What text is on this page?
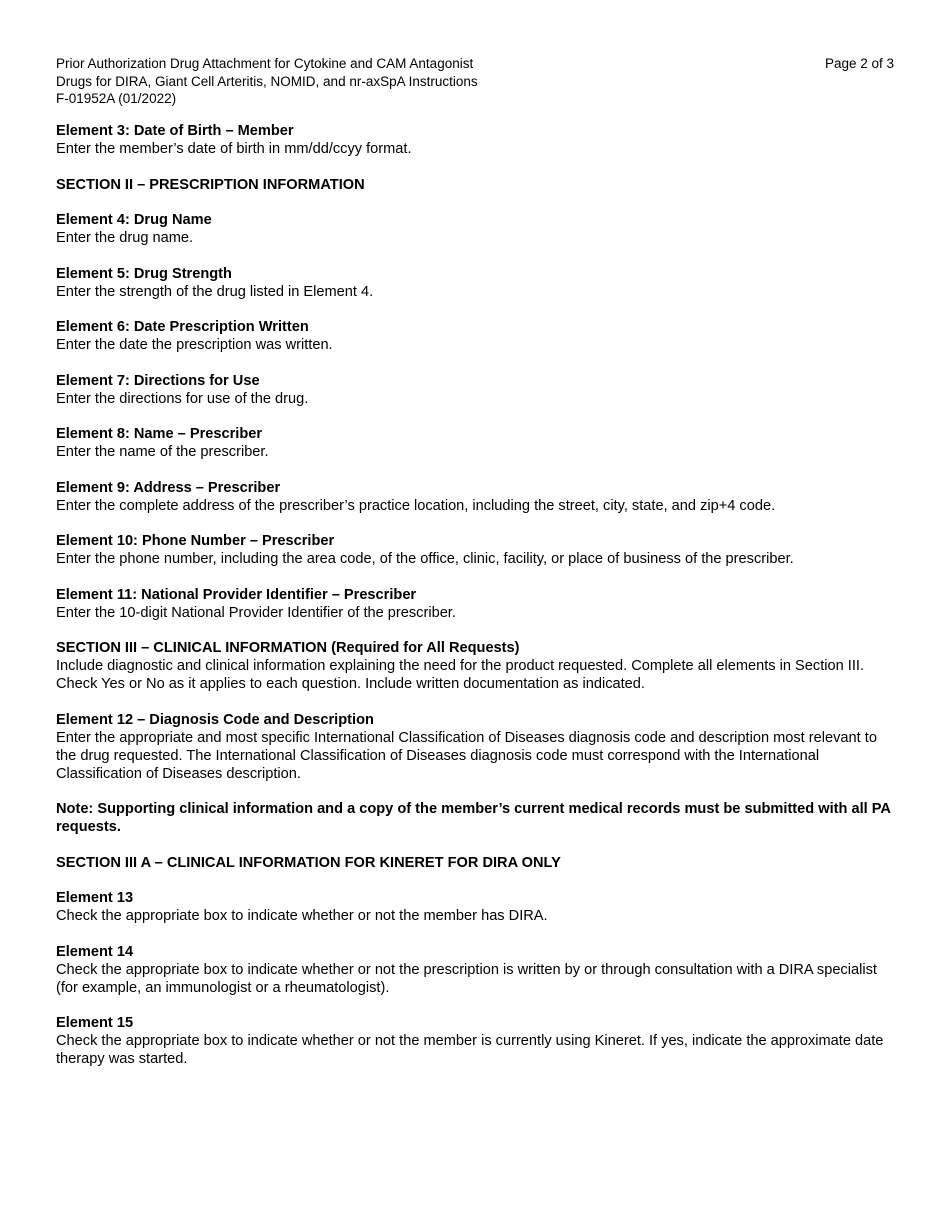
Prior Authorization Drug Attachment for Cytokine and CAM Antagonist
Drugs for DIRA, Giant Cell Arteritis, NOMID, and nr-axSpA Instructions
F-01952A (01/2022)
Page 2 of 3
Element 3: Date of Birth – Member
Enter the member’s date of birth in mm/dd/ccyy format.
SECTION II – PRESCRIPTION INFORMATION
Element 4: Drug Name
Enter the drug name.
Element 5: Drug Strength
Enter the strength of the drug listed in Element 4.
Element 6: Date Prescription Written
Enter the date the prescription was written.
Element 7: Directions for Use
Enter the directions for use of the drug.
Element 8: Name – Prescriber
Enter the name of the prescriber.
Element 9: Address – Prescriber
Enter the complete address of the prescriber’s practice location, including the street, city, state, and zip+4 code.
Element 10: Phone Number – Prescriber
Enter the phone number, including the area code, of the office, clinic, facility, or place of business of the prescriber.
Element 11: National Provider Identifier – Prescriber
Enter the 10-digit National Provider Identifier of the prescriber.
SECTION III – CLINICAL INFORMATION (Required for All Requests)
Include diagnostic and clinical information explaining the need for the product requested. Complete all elements in Section III. Check Yes or No as it applies to each question. Include written documentation as indicated.
Element 12 – Diagnosis Code and Description
Enter the appropriate and most specific International Classification of Diseases diagnosis code and description most relevant to the drug requested. The International Classification of Diseases diagnosis code must correspond with the International Classification of Diseases description.
Note: Supporting clinical information and a copy of the member’s current medical records must be submitted with all PA requests.
SECTION III A – CLINICAL INFORMATION FOR KINERET FOR DIRA ONLY
Element 13
Check the appropriate box to indicate whether or not the member has DIRA.
Element 14
Check the appropriate box to indicate whether or not the prescription is written by or through consultation with a DIRA specialist (for example, an immunologist or a rheumatologist).
Element 15
Check the appropriate box to indicate whether or not the member is currently using Kineret. If yes, indicate the approximate date therapy was started.
